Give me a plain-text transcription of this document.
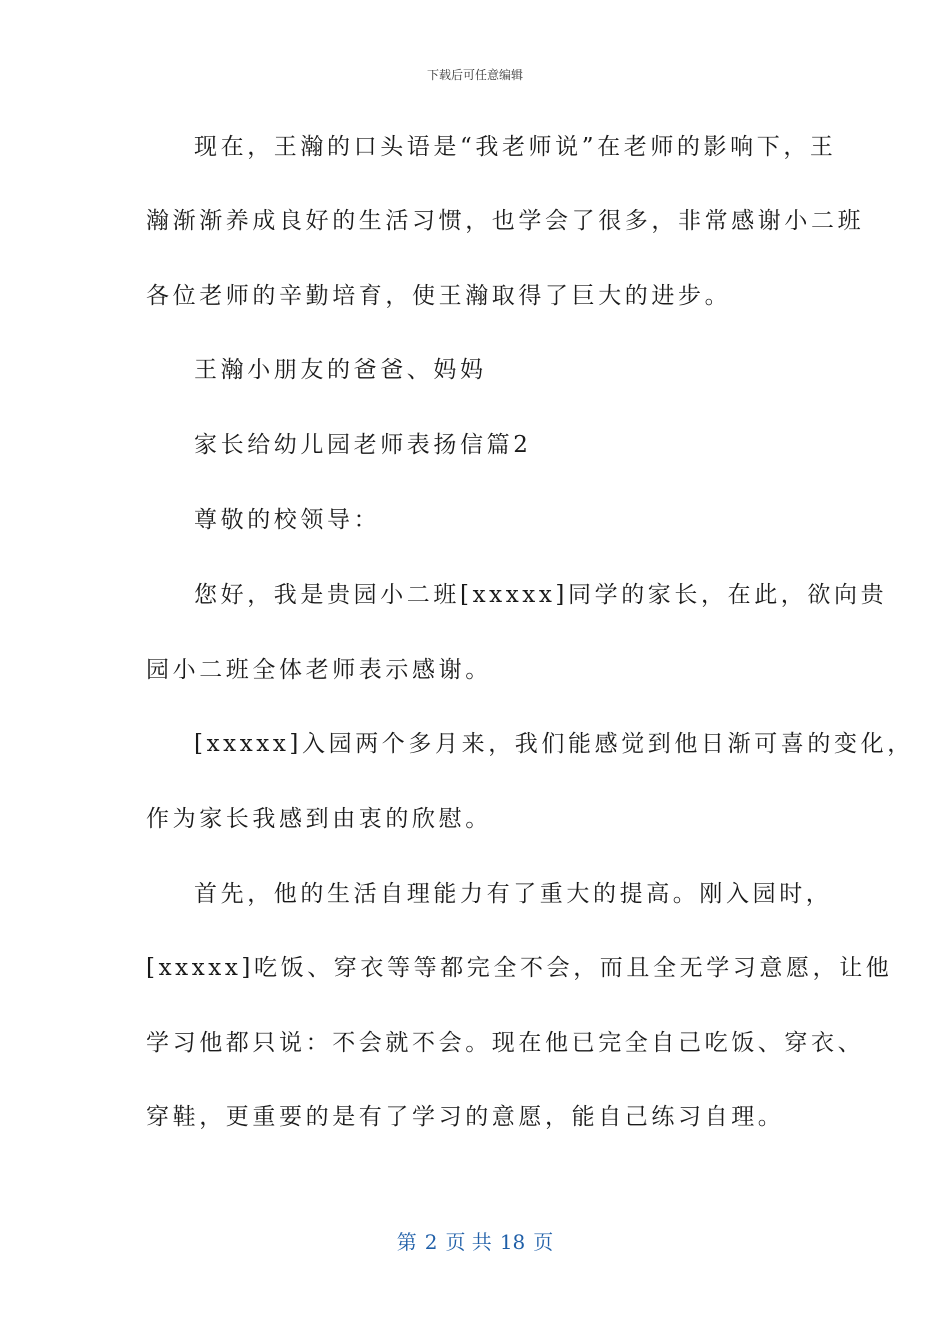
下载后可任意编辑
现在，王瀚的口头语是“我老师说”在老师的影响下，王
瀚渐渐养成良好的生活习惯，也学会了很多，非常感谢小二班
各位老师的辛勤培育，使王瀚取得了巨大的进步。
王瀚小朋友的爸爸、妈妈
家长给幼儿园老师表扬信篇2
尊敬的校领导：
您好，我是贵园小二班[xxxxx]同学的家长，在此，欲向贵
园小二班全体老师表示感谢。
[xxxxx]入园两个多月来，我们能感觉到他日渐可喜的变化，
作为家长我感到由衷的欣慰。
首先，他的生活自理能力有了重大的提高。刚入园时，
[xxxxx]吃饭、穿衣等等都完全不会，而且全无学习意愿，让他
学习他都只说：不会就不会。现在他已完全自己吃饭、穿衣、
穿鞋，更重要的是有了学习的意愿，能自己练习自理。
第 2 页 共 18 页
